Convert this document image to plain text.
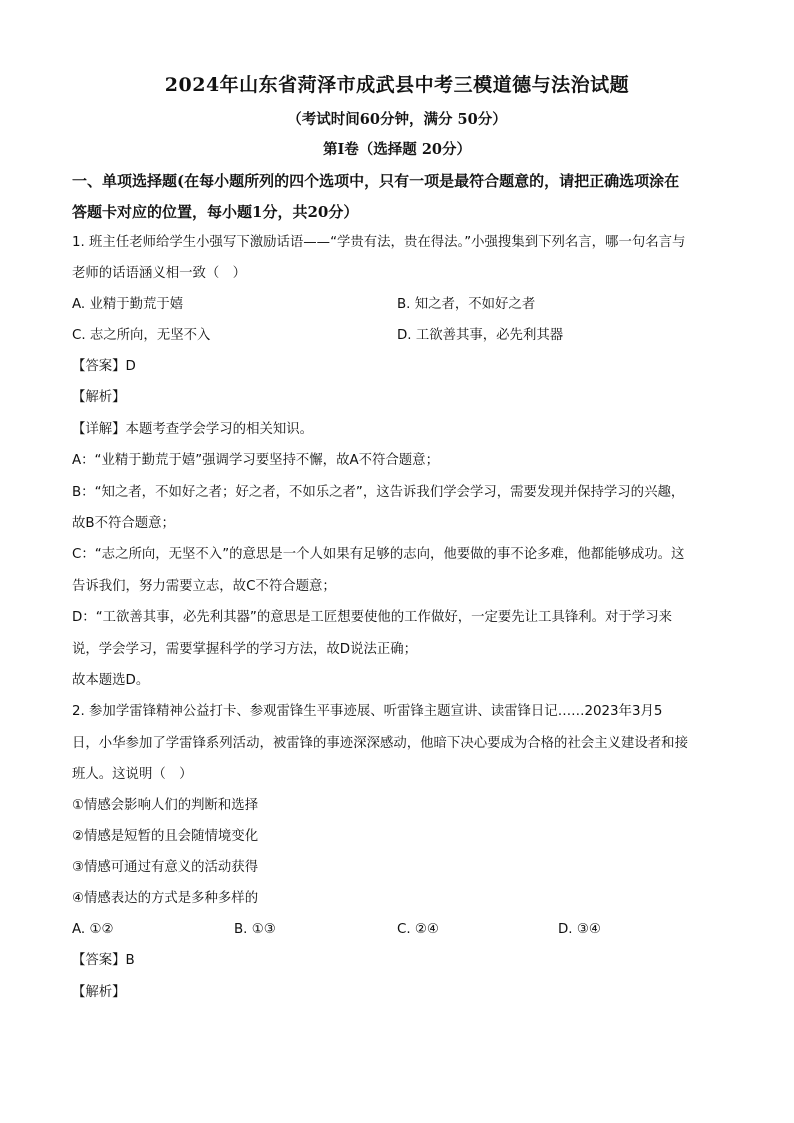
2024年山东省菏泽市成武县中考三模道德与法治试题
（考试时间60分钟，满分 50分）
第Ⅰ卷（选择题 20分）
一、单项选择题(在每小题所列的四个选项中，只有一项是最符合题意的，请把正确选项涂在
答题卡对应的位置，每小题1分，共20分）
1. 班主任老师给学生小强写下激励话语——“学贵有法，贵在得法。”小强搜集到下列名言，哪一句名言与
老师的话语涵义相一致（　）
A. 业精于勤荒于嬉	B. 知之者，不如好之者
C. 志之所向，无坚不入	D. 工欲善其事，必先利其器
【答案】D
【解析】
【详解】本题考查学会学习的相关知识。
A：“业精于勤荒于嬉”强调学习要坚持不懈，故A不符合题意；
B：“知之者，不如好之者；好之者，不如乐之者”，这告诉我们学会学习，需要发现并保持学习的兴趣，
故B不符合题意；
C：“志之所向，无坚不入”的意思是一个人如果有足够的志向，他要做的事不论多难，他都能够成功。这
告诉我们，努力需要立志，故C不符合题意；
D：“工欲善其事，必先利其器”的意思是工匠想要使他的工作做好，一定要先让工具锋利。对于学习来
说，学会学习，需要掌握科学的学习方法，故D说法正确；
故本题选D。
2. 参加学雷锋精神公益打卡、参观雷锋生平事迹展、听雷锋主题宣讲、读雷锋日记……2023年3月5
日，小华参加了学雷锋系列活动，被雷锋的事迹深深感动，他暗下决心要成为合格的社会主义建设者和接
班人。这说明（　）
①情感会影响人们的判断和选择
②情感是短暂的且会随情境变化
③情感可通过有意义的活动获得
④情感表达的方式是多种多样的
A. ①②	B. ①③	C. ②④	D. ③④
【答案】B
【解析】
